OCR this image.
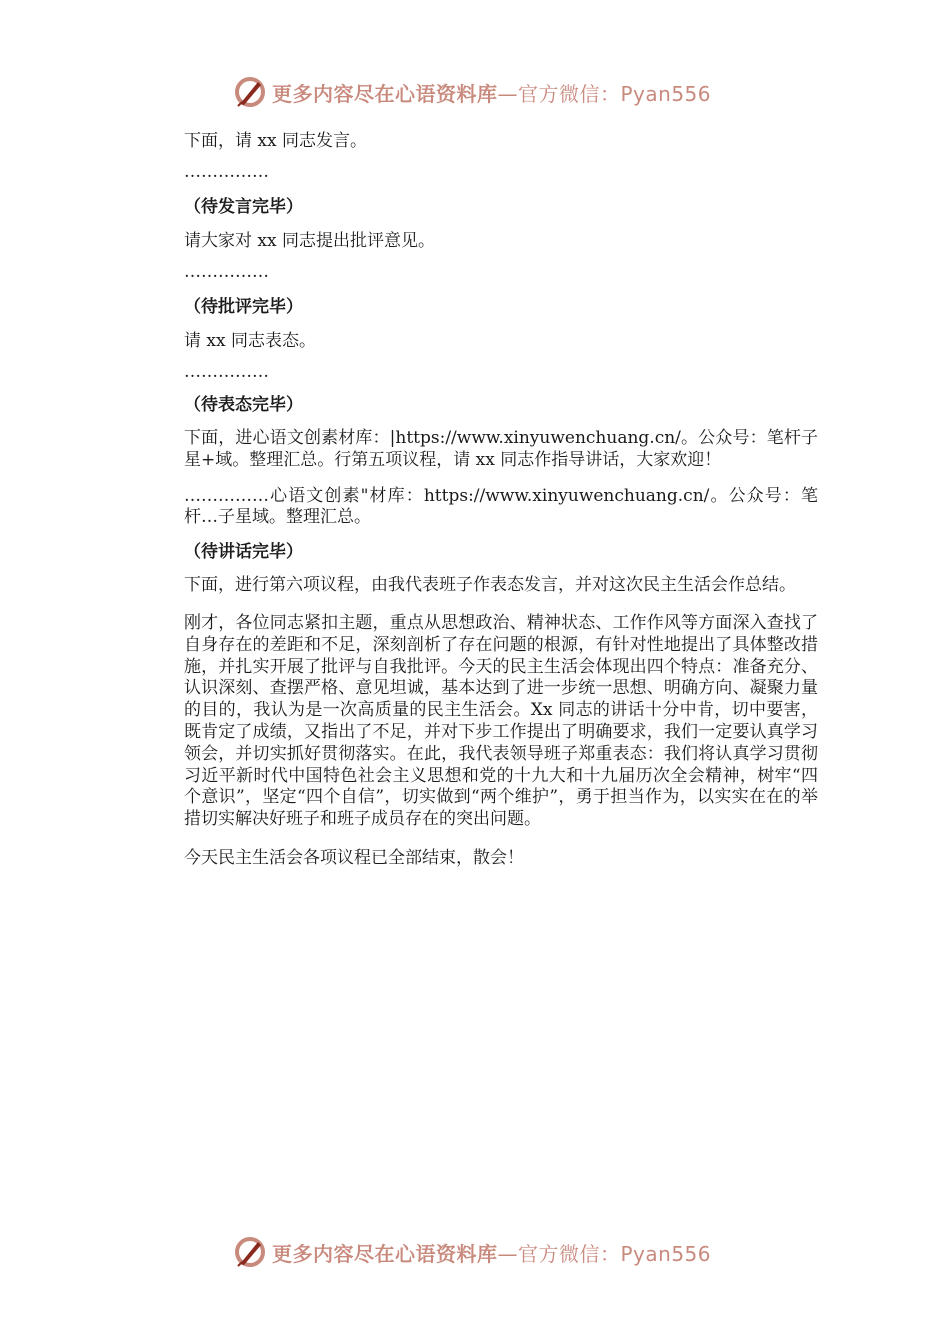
更多内容尽在心语资料库—官方微信：Pyan556
下面，请 xx 同志发言。
……………
（待发言完毕）
请大家对 xx 同志提出批评意见。
……………
（待批评完毕）
请 xx 同志表态。
……………
（待表态完毕）
下面，进心语文创素材库：|https://www.xinyuwenchuang.cn/。公众号：笔杆子星+域。整理汇总。行第五项议程，请 xx 同志作指导讲话，大家欢迎！
……………心语文创素"材库：https://www.xinyuwenchuang.cn/。公众号：笔杆…子星域。整理汇总。
（待讲话完毕）
下面，进行第六项议程，由我代表班子作表态发言，并对这次民主生活会作总结。
刚才，各位同志紧扣主题，重点从思想政治、精神状态、工作作风等方面深入查找了自身存在的差距和不足，深刻剖析了存在问题的根源，有针对性地提出了具体整改措施，并扎实开展了批评与自我批评。今天的民主生活会体现出四个特点：准备充分、认识深刻、查摆严格、意见坦诚，基本达到了进一步统一思想、明确方向、凝聚力量的目的，我认为是一次高质量的民主生活会。Xx 同志的讲话十分中肯，切中要害，既肯定了成绩，又指出了不足，并对下步工作提出了明确要求，我们一定要认真学习领会，并切实抓好贯彻落实。在此，我代表领导班子郑重表态：我们将认真学习贯彻习近平新时代中国特色社会主义思想和党的十九大和十九届历次全会精神，树牢“四个意识”，坚定“四个自信”，切实做到“两个维护”，勇于担当作为，以实实在在的举措切实解决好班子和班子成员存在的突出问题。
今天民主生活会各项议程已全部结束，散会！
更多内容尽在心语资料库—官方微信：Pyan556
